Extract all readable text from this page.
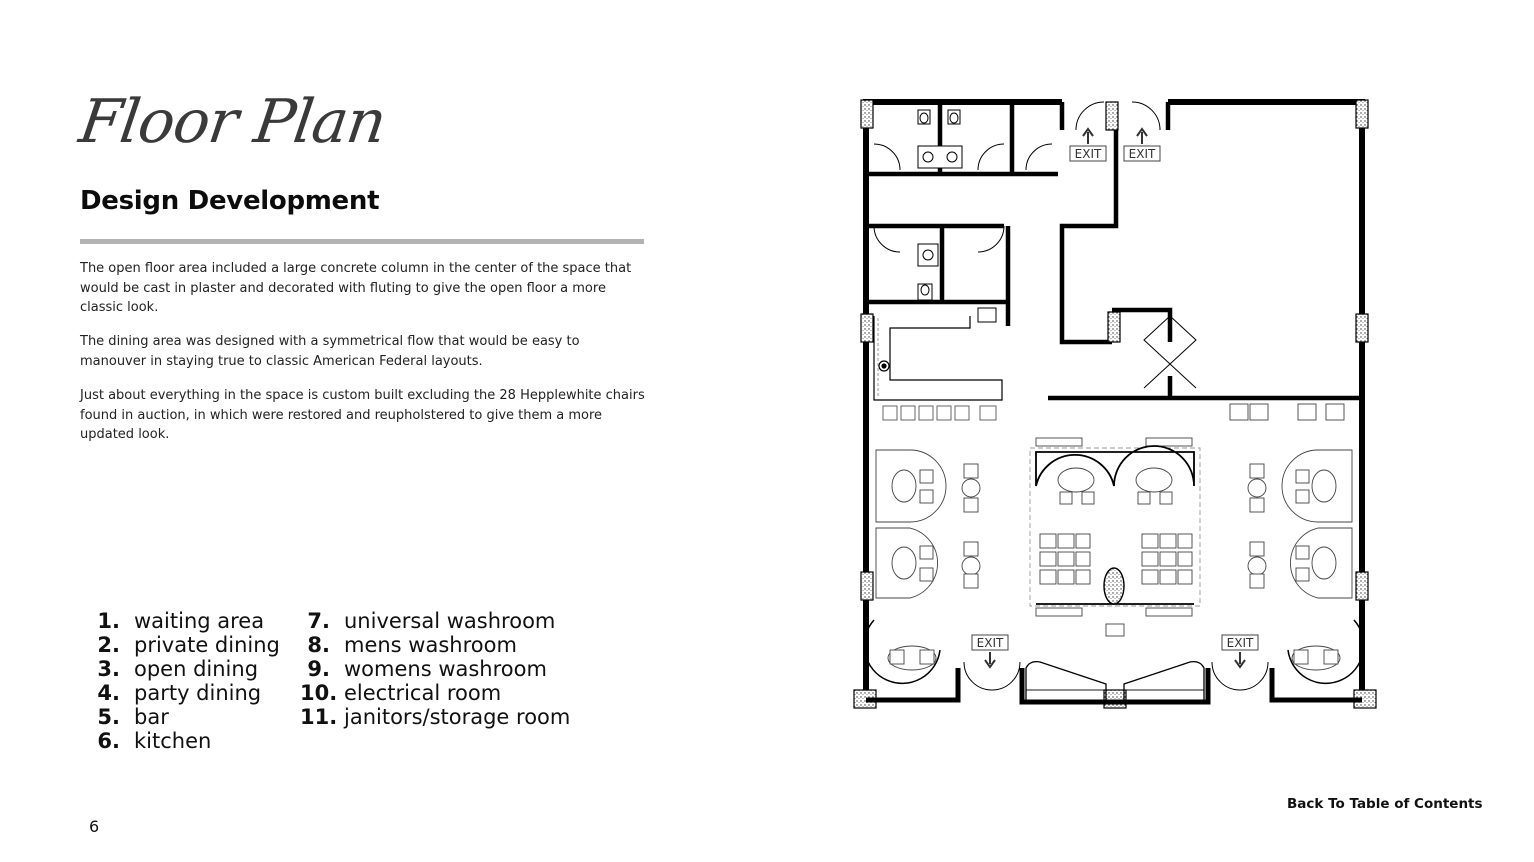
Floor Plan
Design Development

The open floor area included a large concrete column in the center of the space that would be cast in plaster and decorated with fluting to give the open floor a more classic look.

The dining area was designed with a symmetrical flow that would be easy to manouver in staying true to classic American Federal layouts.

Just about everything in the space is custom built excluding the 28 Hepplewhite chairs found in auction, in which were restored and reupholstered to give them a more updated look.

1. waiting area
2. private dining
3. open dining
4. party dining
5. bar
6. kitchen
7. universal washroom
8. mens washroom
9. womens washroom
10. electrical room
11. janitors/storage room
EXIT EXIT
EXIT	EXIT
6
Back To Table of Contents
